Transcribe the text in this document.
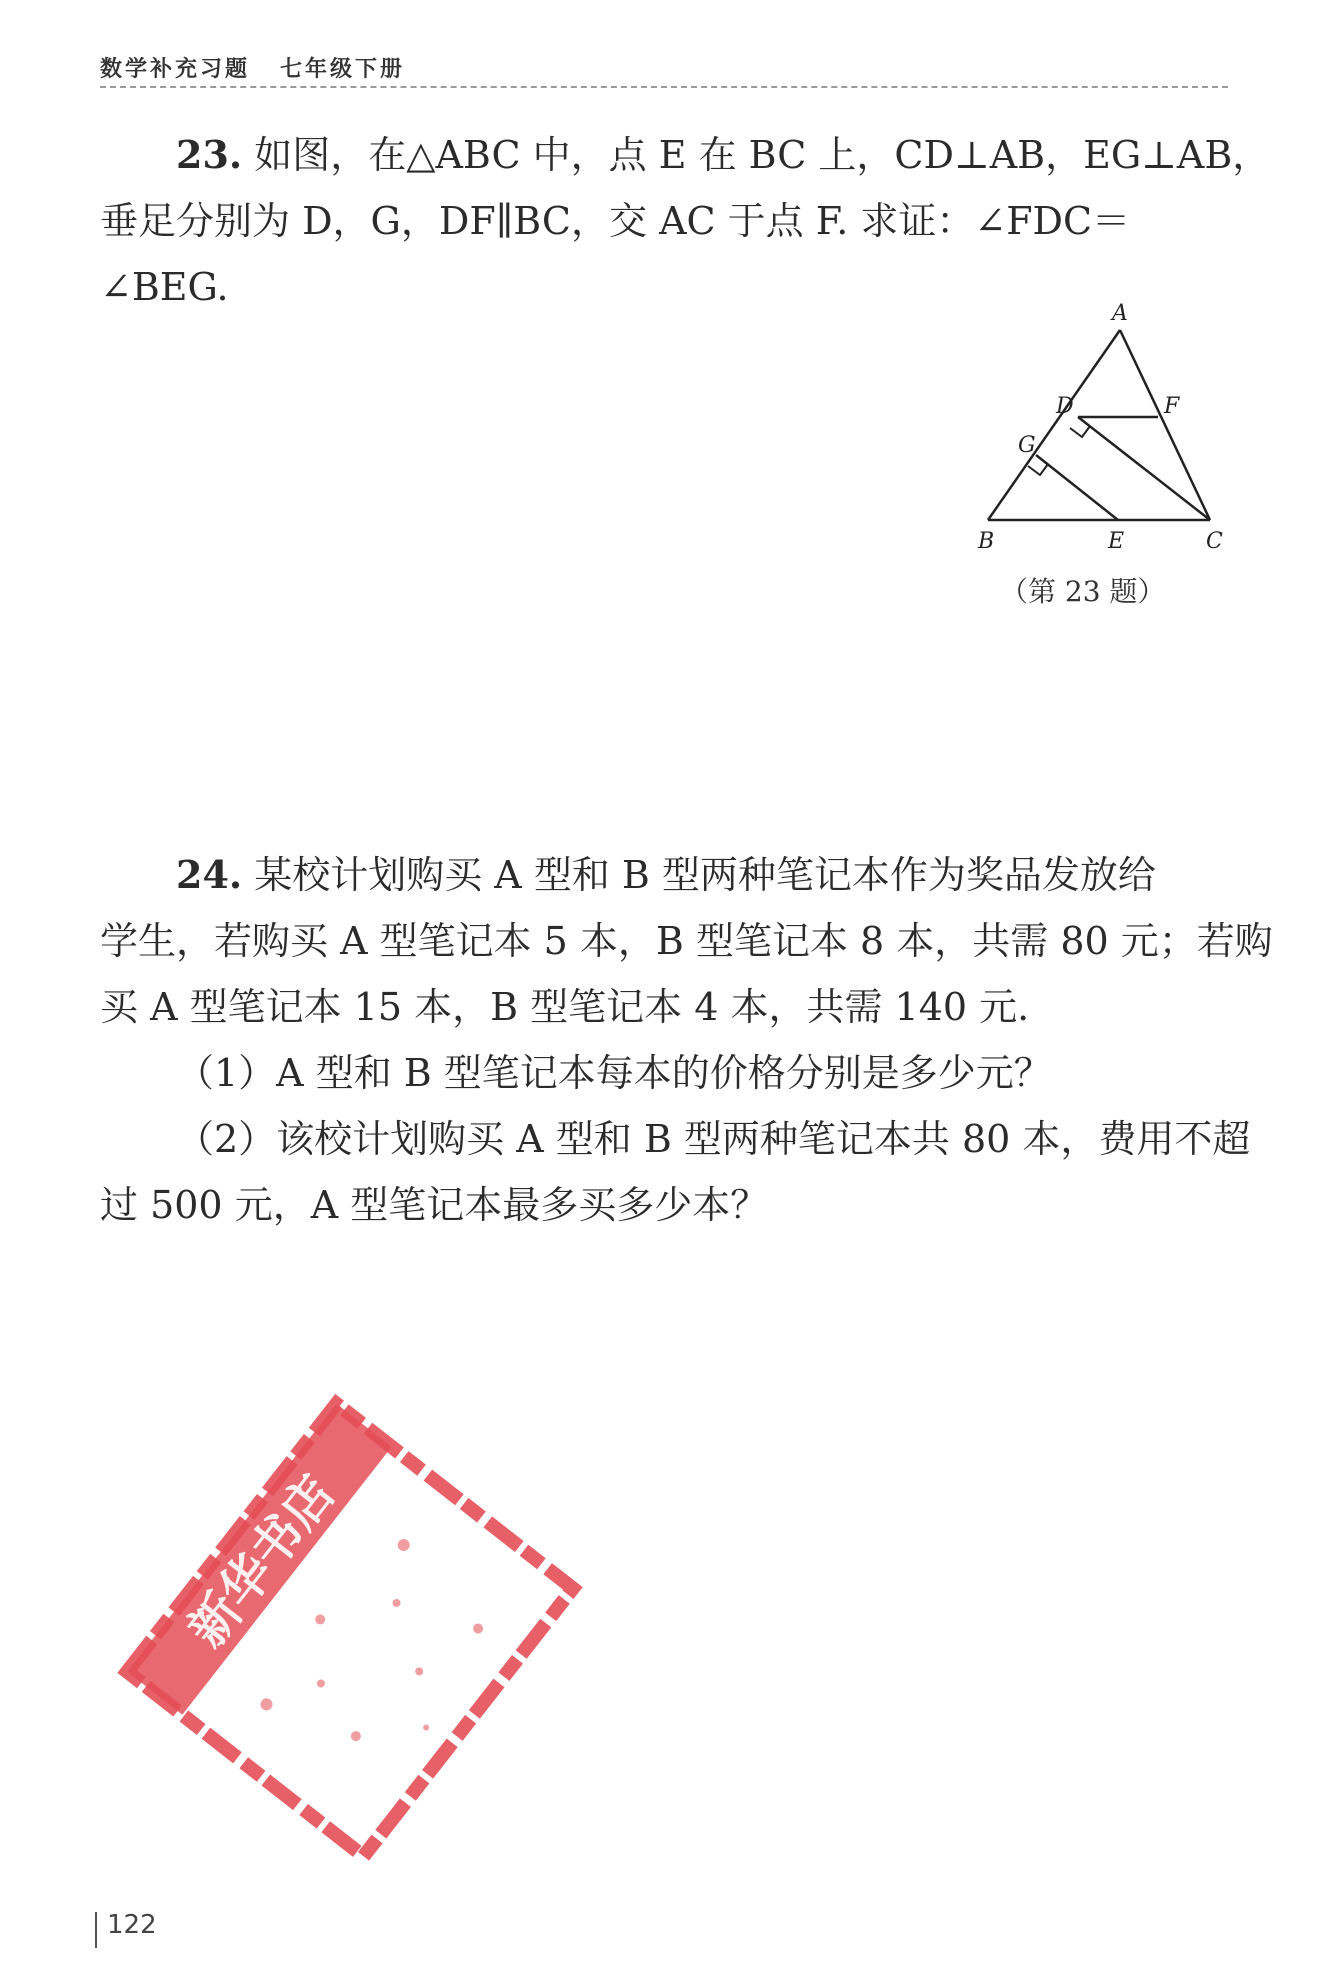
数学补充习题 七年级下册
23. 如图，在△ABC 中，点 E 在 BC 上，CD⊥AB，EG⊥AB，
垂足分别为 D，G，DF∥BC，交 AC 于点 F. 求证：∠FDC＝
∠BEG.
A
B	C
D
E
F
G
（第 23 题）
24. 某校计划购买 A 型和 B 型两种笔记本作为奖品发放给
学生，若购买 A 型笔记本 5 本，B 型笔记本 8 本，共需 80 元；若购
买 A 型笔记本 15 本，B 型笔记本 4 本，共需 140 元.
（1）A 型和 B 型笔记本每本的价格分别是多少元？
（2）该校计划购买 A 型和 B 型两种笔记本共 80 本，费用不超
过 500 元，A 型笔记本最多买多少本？
新华书店
122
